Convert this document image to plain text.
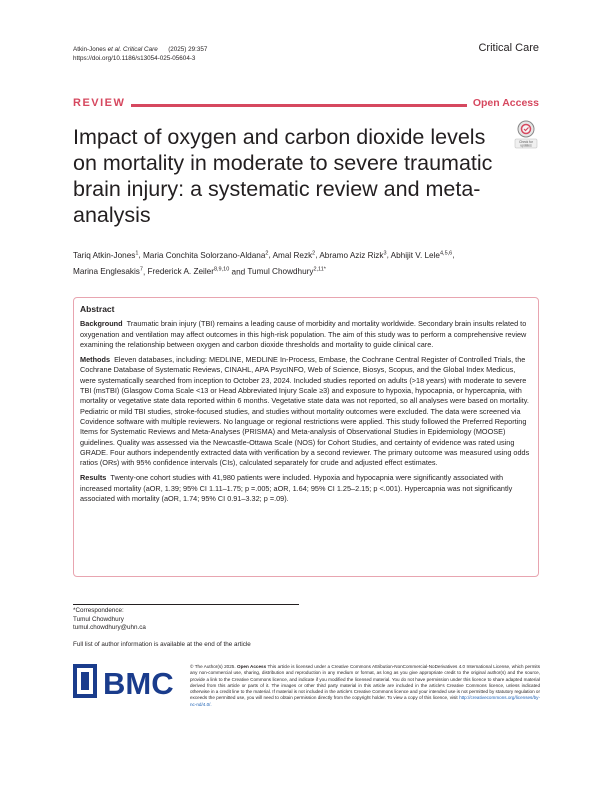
Atkin-Jones et al. Critical Care (2025) 29:357
https://doi.org/10.1186/s13054-025-05604-3
Critical Care
REVIEW	Open Access
Check for
updates
Impact of oxygen and carbon dioxide levels on mortality in moderate to severe traumatic brain injury: a systematic review and meta-analysis
Tariq Atkin-Jones$^1$, Maria Conchita Solorzano-Aldana$^2$, Amal Rezk$^2$, Abramo Aziz Rizk$^3$, Abhijit V. Lele$^{4,5,6}$,
Marina Englesakis$^7$, Frederick A. Zeiler$^{8,9,10}$ and Tumul Chowdhury$^{2,11*}$
Abstract

Background Traumatic brain injury (TBI) remains a leading cause of morbidity and mortality worldwide. Secondary brain insults related to oxygenation and ventilation may affect outcomes in this high-risk population. The aim of this study was to perform a comprehensive review examining the relationship between oxygen and carbon dioxide thresholds and mortality to guide clinical care.

Methods Eleven databases, including: MEDLINE, MEDLINE In-Process, Embase, the Cochrane Central Register of Controlled Trials, the Cochrane Database of Systematic Reviews, CINAHL, APA PsycINFO, Web of Science, Biosys, Scopus, and the Global Index Medicus, were systematically searched from inception to October 23, 2024. Included studies reported on adults (>18 years) with moderate to severe TBI (msTBI) (Glasgow Coma Scale <13 or Head Abbreviated Injury Scale ≥3) and exposure to hypoxia, hypocapnia, or hypercapnia, with mortality or vegetative state data reported within 6 months. Vegetative state data was not reported, so all analyses were based on mortality. Pediatric or mild TBI studies, stroke-focused studies, and studies without mortality outcomes were excluded. The data were screened via Covidence software with multiple reviewers. No language or regional restrictions were applied. This study followed the Preferred Reporting Items for Systematic Reviews and Meta-Analyses (PRISMA) and Meta-analysis of Observational Studies in Epidemiology (MOOSE) guidelines. Quality was assessed via the Newcastle-Ottawa Scale (NOS) for Cohort Studies, and certainty of evidence was rated using GRADE. Four authors independently extracted data with verification by a second reviewer. The primary outcome was measured using odds ratios (ORs) with 95% confidence intervals (CIs), calculated separately for crude and adjusted effect estimates.

Results Twenty-one cohort studies with 41,980 patients were included. Hypoxia and hypocapnia were significantly associated with increased mortality (aOR, 1.39; 95% CI 1.11–1.75; p =.005; aOR, 1.64; 95% CI 1.25–2.15; p <.001). Hypercapnia was not significantly associated with mortality (aOR, 1.74; 95% CI 0.91–3.32; p =.09).

*Correspondence:
Tumul Chowdhury
tumul.chowdhury@uhn.ca
Full list of author information is available at the end of the article
BMC	© The Author(s) 2025. Open Access This article is licensed under a Creative Commons Attribution-NonCommercial-NoDerivatives 4.0 International License, which permits any non-commercial use, sharing, distribution and reproduction in any medium or format, as long as you give appropriate credit to the original author(s) and the source, provide a link to the Creative Commons licence, and indicate if you modified the licensed material. You do not have permission under this licence to share adapted material derived from this article or parts of it. The images or other third party material in this article are included in the article's Creative Commons licence, unless indicated otherwise in a credit line to the material. If material is not included in the article's Creative Commons licence and your intended use is not permitted by statutory regulation or exceeds the permitted use, you will need to obtain permission directly from the copyright holder. To view a copy of this licence, visit http://creativecommons.org/licenses/by-nc-nd/4.0/.
